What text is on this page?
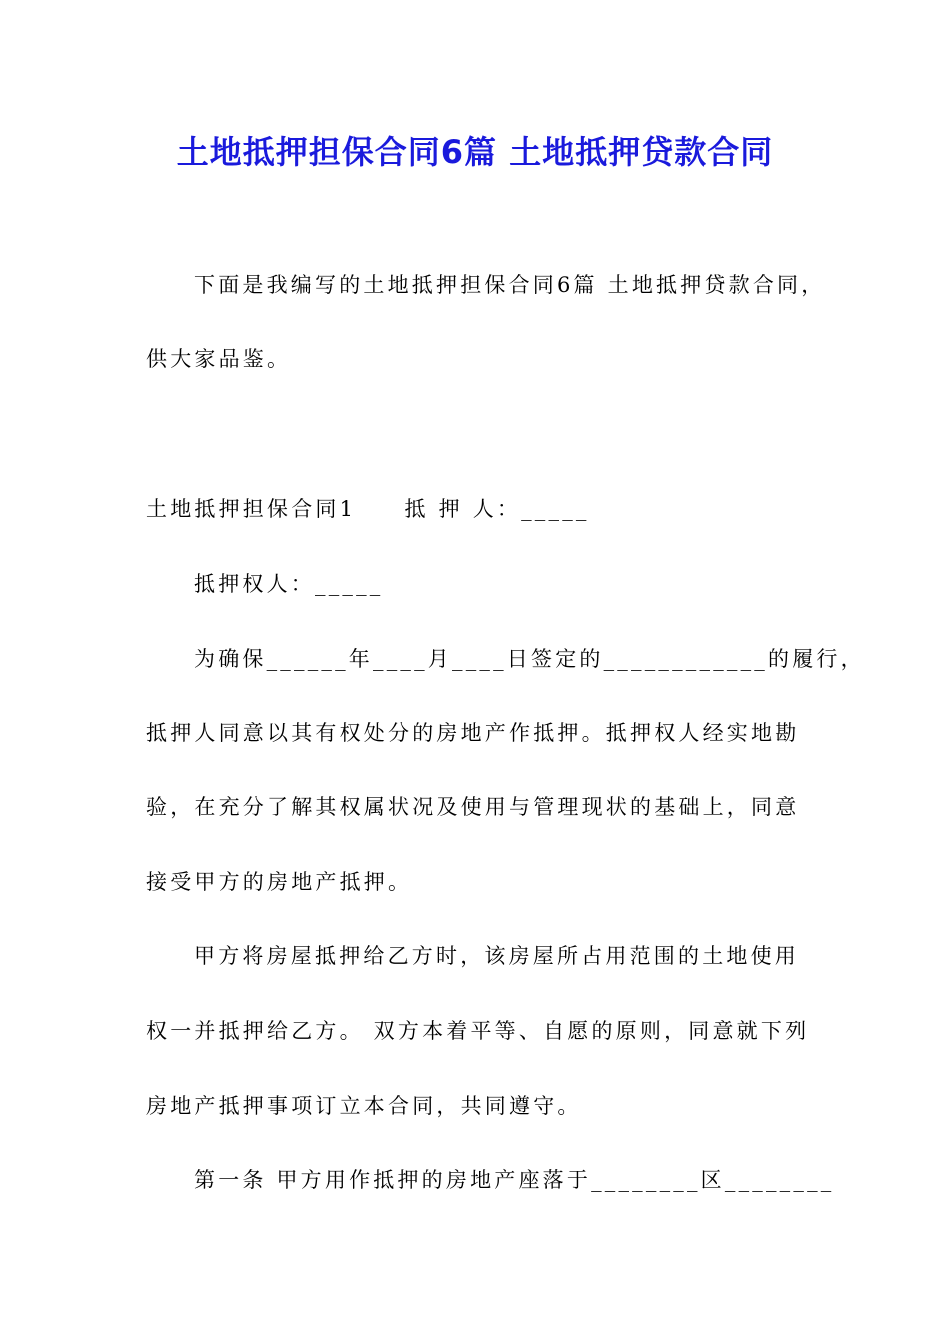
土地抵押担保合同6篇 土地抵押贷款合同
下面是我编写的土地抵押担保合同6篇 土地抵押贷款合同，
供大家品鉴。
土地抵押担保合同1　　抵 押 人：_____
抵押权人：_____
为确保______年____月____日签定的____________的履行，
抵押人同意以其有权处分的房地产作抵押。抵押权人经实地勘
验，在充分了解其权属状况及使用与管理现状的基础上，同意
接受甲方的房地产抵押。
甲方将房屋抵押给乙方时，该房屋所占用范围的土地使用
权一并抵押给乙方。 双方本着平等、自愿的原则，同意就下列
房地产抵押事项订立本合同，共同遵守。
第一条 甲方用作抵押的房地产座落于________区________
